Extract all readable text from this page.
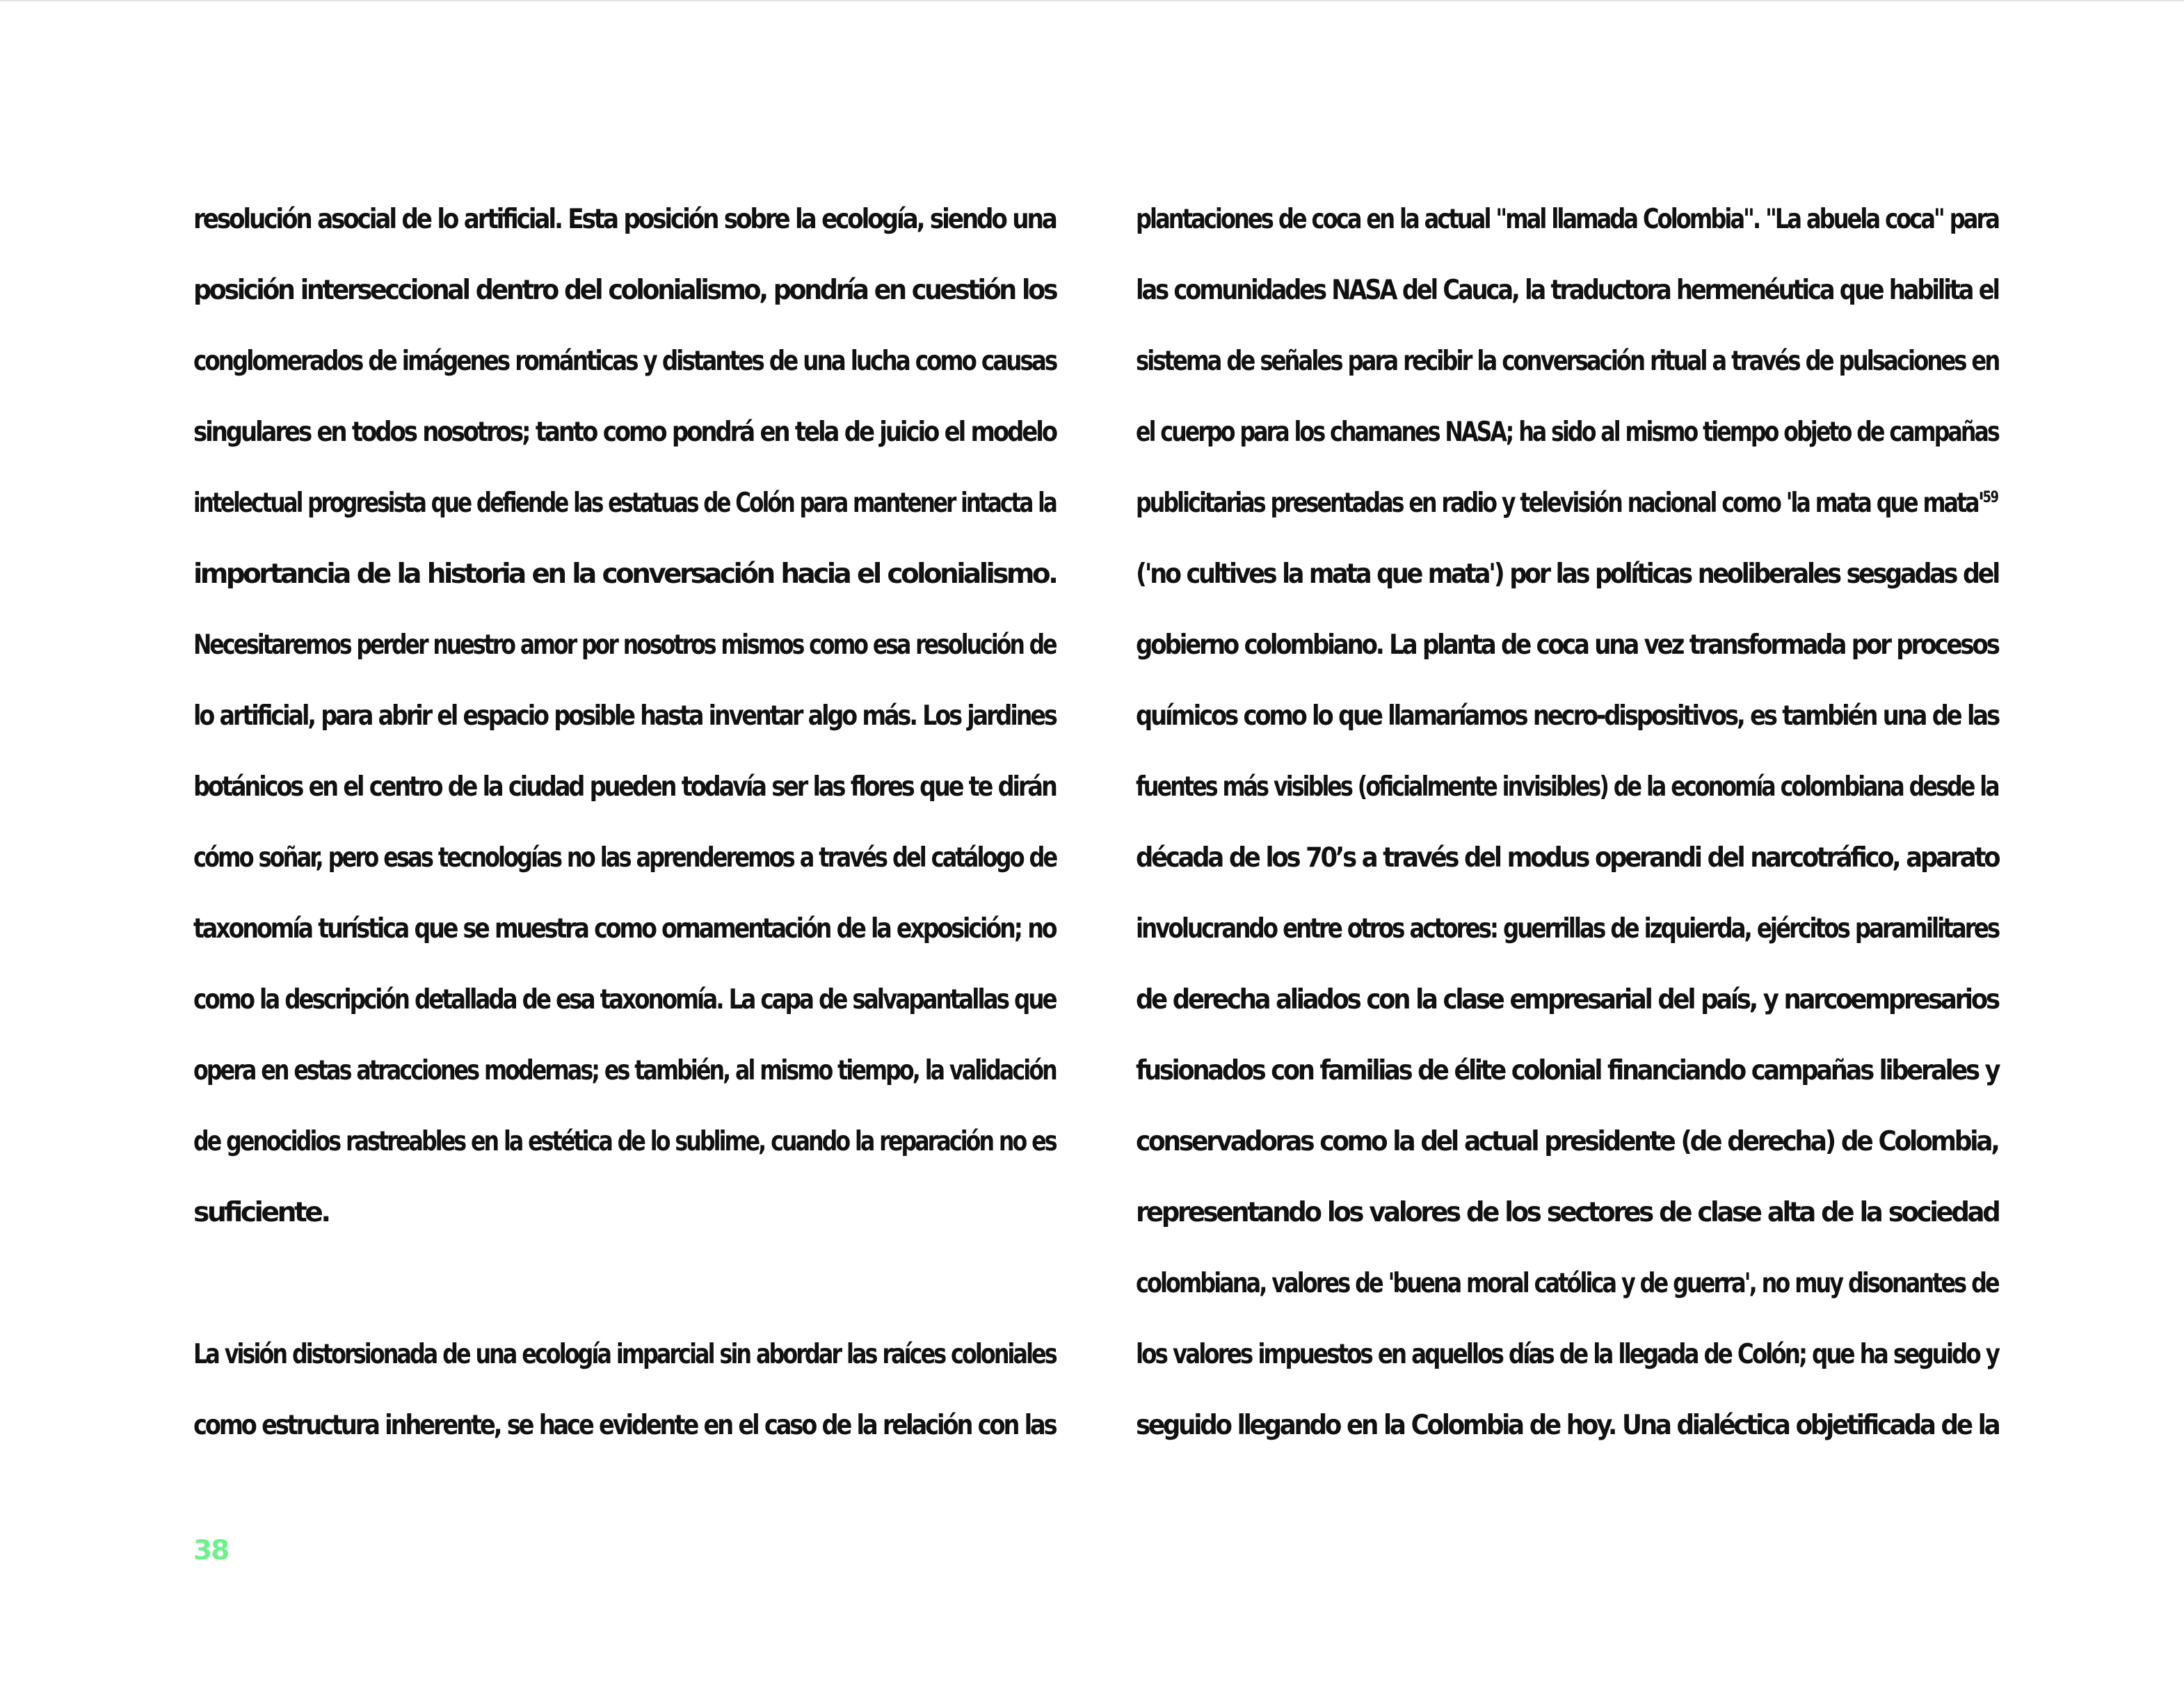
resolución asocial de lo artificial. Esta posición sobre la ecología, siendo una
posición interseccional dentro del colonialismo, pondría en cuestión los
conglomerados de imágenes románticas y distantes de una lucha como causas
singulares en todos nosotros; tanto como pondrá en tela de juicio el modelo
intelectual progresista que defiende las estatuas de Colón para mantener intacta la
importancia de la historia en la conversación hacia el colonialismo.
Necesitaremos perder nuestro amor por nosotros mismos como esa resolución de
lo artificial, para abrir el espacio posible hasta inventar algo más. Los jardines
botánicos en el centro de la ciudad pueden todavía ser las flores que te dirán
cómo soñar, pero esas tecnologías no las aprenderemos a través del catálogo de
taxonomía turística que se muestra como ornamentación de la exposición; no
como la descripción detallada de esa taxonomía. La capa de salvapantallas que
opera en estas atracciones modernas; es también, al mismo tiempo, la validación
de genocidios rastreables en la estética de lo sublime, cuando la reparación no es
suficiente.
La visión distorsionada de una ecología imparcial sin abordar las raíces coloniales
como estructura inherente, se hace evidente en el caso de la relación con las
plantaciones de coca en la actual "mal llamada Colombia". "La abuela coca" para
las comunidades NASA del Cauca, la traductora hermenéutica que habilita el
sistema de señales para recibir la conversación ritual a través de pulsaciones en
el cuerpo para los chamanes NASA; ha sido al mismo tiempo objeto de campañas
publicitarias presentadas en radio y televisión nacional como 'la mata que mata'$^{59}$
('no cultives la mata que mata') por las políticas neoliberales sesgadas del
gobierno colombiano. La planta de coca una vez transformada por procesos
químicos como lo que llamaríamos necro-dispositivos, es también una de las
fuentes más visibles (oficialmente invisibles) de la economía colombiana desde la
década de los 70’s a través del modus operandi del narcotráfico, aparato
involucrando entre otros actores: guerrillas de izquierda, ejércitos paramilitares
de derecha aliados con la clase empresarial del país, y narcoempresarios
fusionados con familias de élite colonial financiando campañas liberales y
conservadoras como la del actual presidente (de derecha) de Colombia,
representando los valores de los sectores de clase alta de la sociedad
colombiana, valores de 'buena moral católica y de guerra', no muy disonantes de
los valores impuestos en aquellos días de la llegada de Colón; que ha seguido y
seguido llegando en la Colombia de hoy. Una dialéctica objetificada de la
38
